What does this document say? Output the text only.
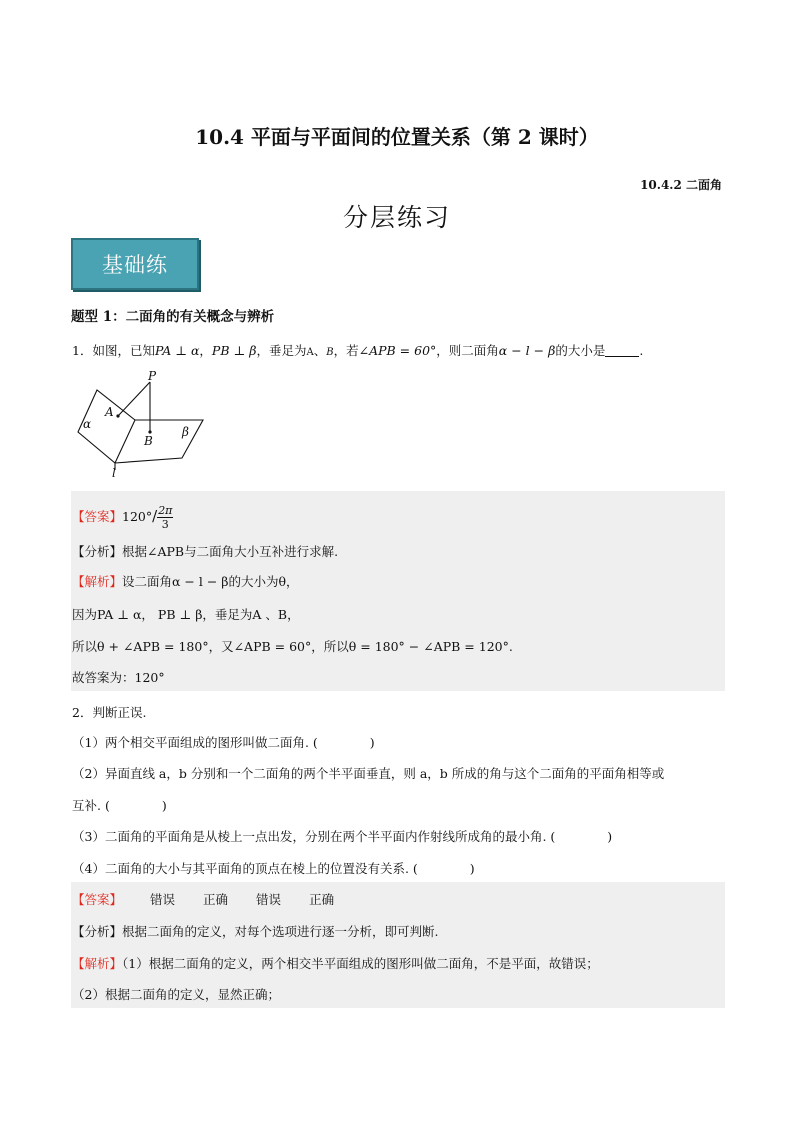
10.4 平面与平面间的位置关系（第 2 课时）
10.4.2 二面角
分层练习
基础练
题型 1：二面角的有关概念与辨析
1．如图，已知PA ⊥ α，PB ⊥ β，垂足为A、B，若∠APB = 60°，则二面角α − l − β的大小是	.
P
A
α
B
β
l
【答案】$120^\circ/ \frac{2\pi}{3}$
【分析】根据∠APB与二面角大小互补进行求解.
【解析】设二面角α − l − β的大小为θ，
因为PA ⊥ α， PB ⊥ β，垂足为A 、B，
所以θ + ∠APB = 180°，又∠APB = 60°，所以θ = 180° − ∠APB = 120°.
故答案为：120°
2．判断正误.
（1）两个相交平面组成的图形叫做二面角. (	)
（2）异面直线 a，b 分别和一个二面角的两个半平面垂直，则 a，b 所成的角与这个二面角的平面角相等或
互补. (	)
（3）二面角的平面角是从棱上一点出发，分别在两个半平面内作射线所成角的最小角. (	)
（4）二面角的大小与其平面角的顶点在棱上的位置没有关系. (	)
【答案】 错误 正确 错误 正确
【分析】根据二面角的定义，对每个选项进行逐一分析，即可判断.
【解析】（1）根据二面角的定义，两个相交半平面组成的图形叫做二面角，不是平面，故错误；
（2）根据二面角的定义，显然正确；
